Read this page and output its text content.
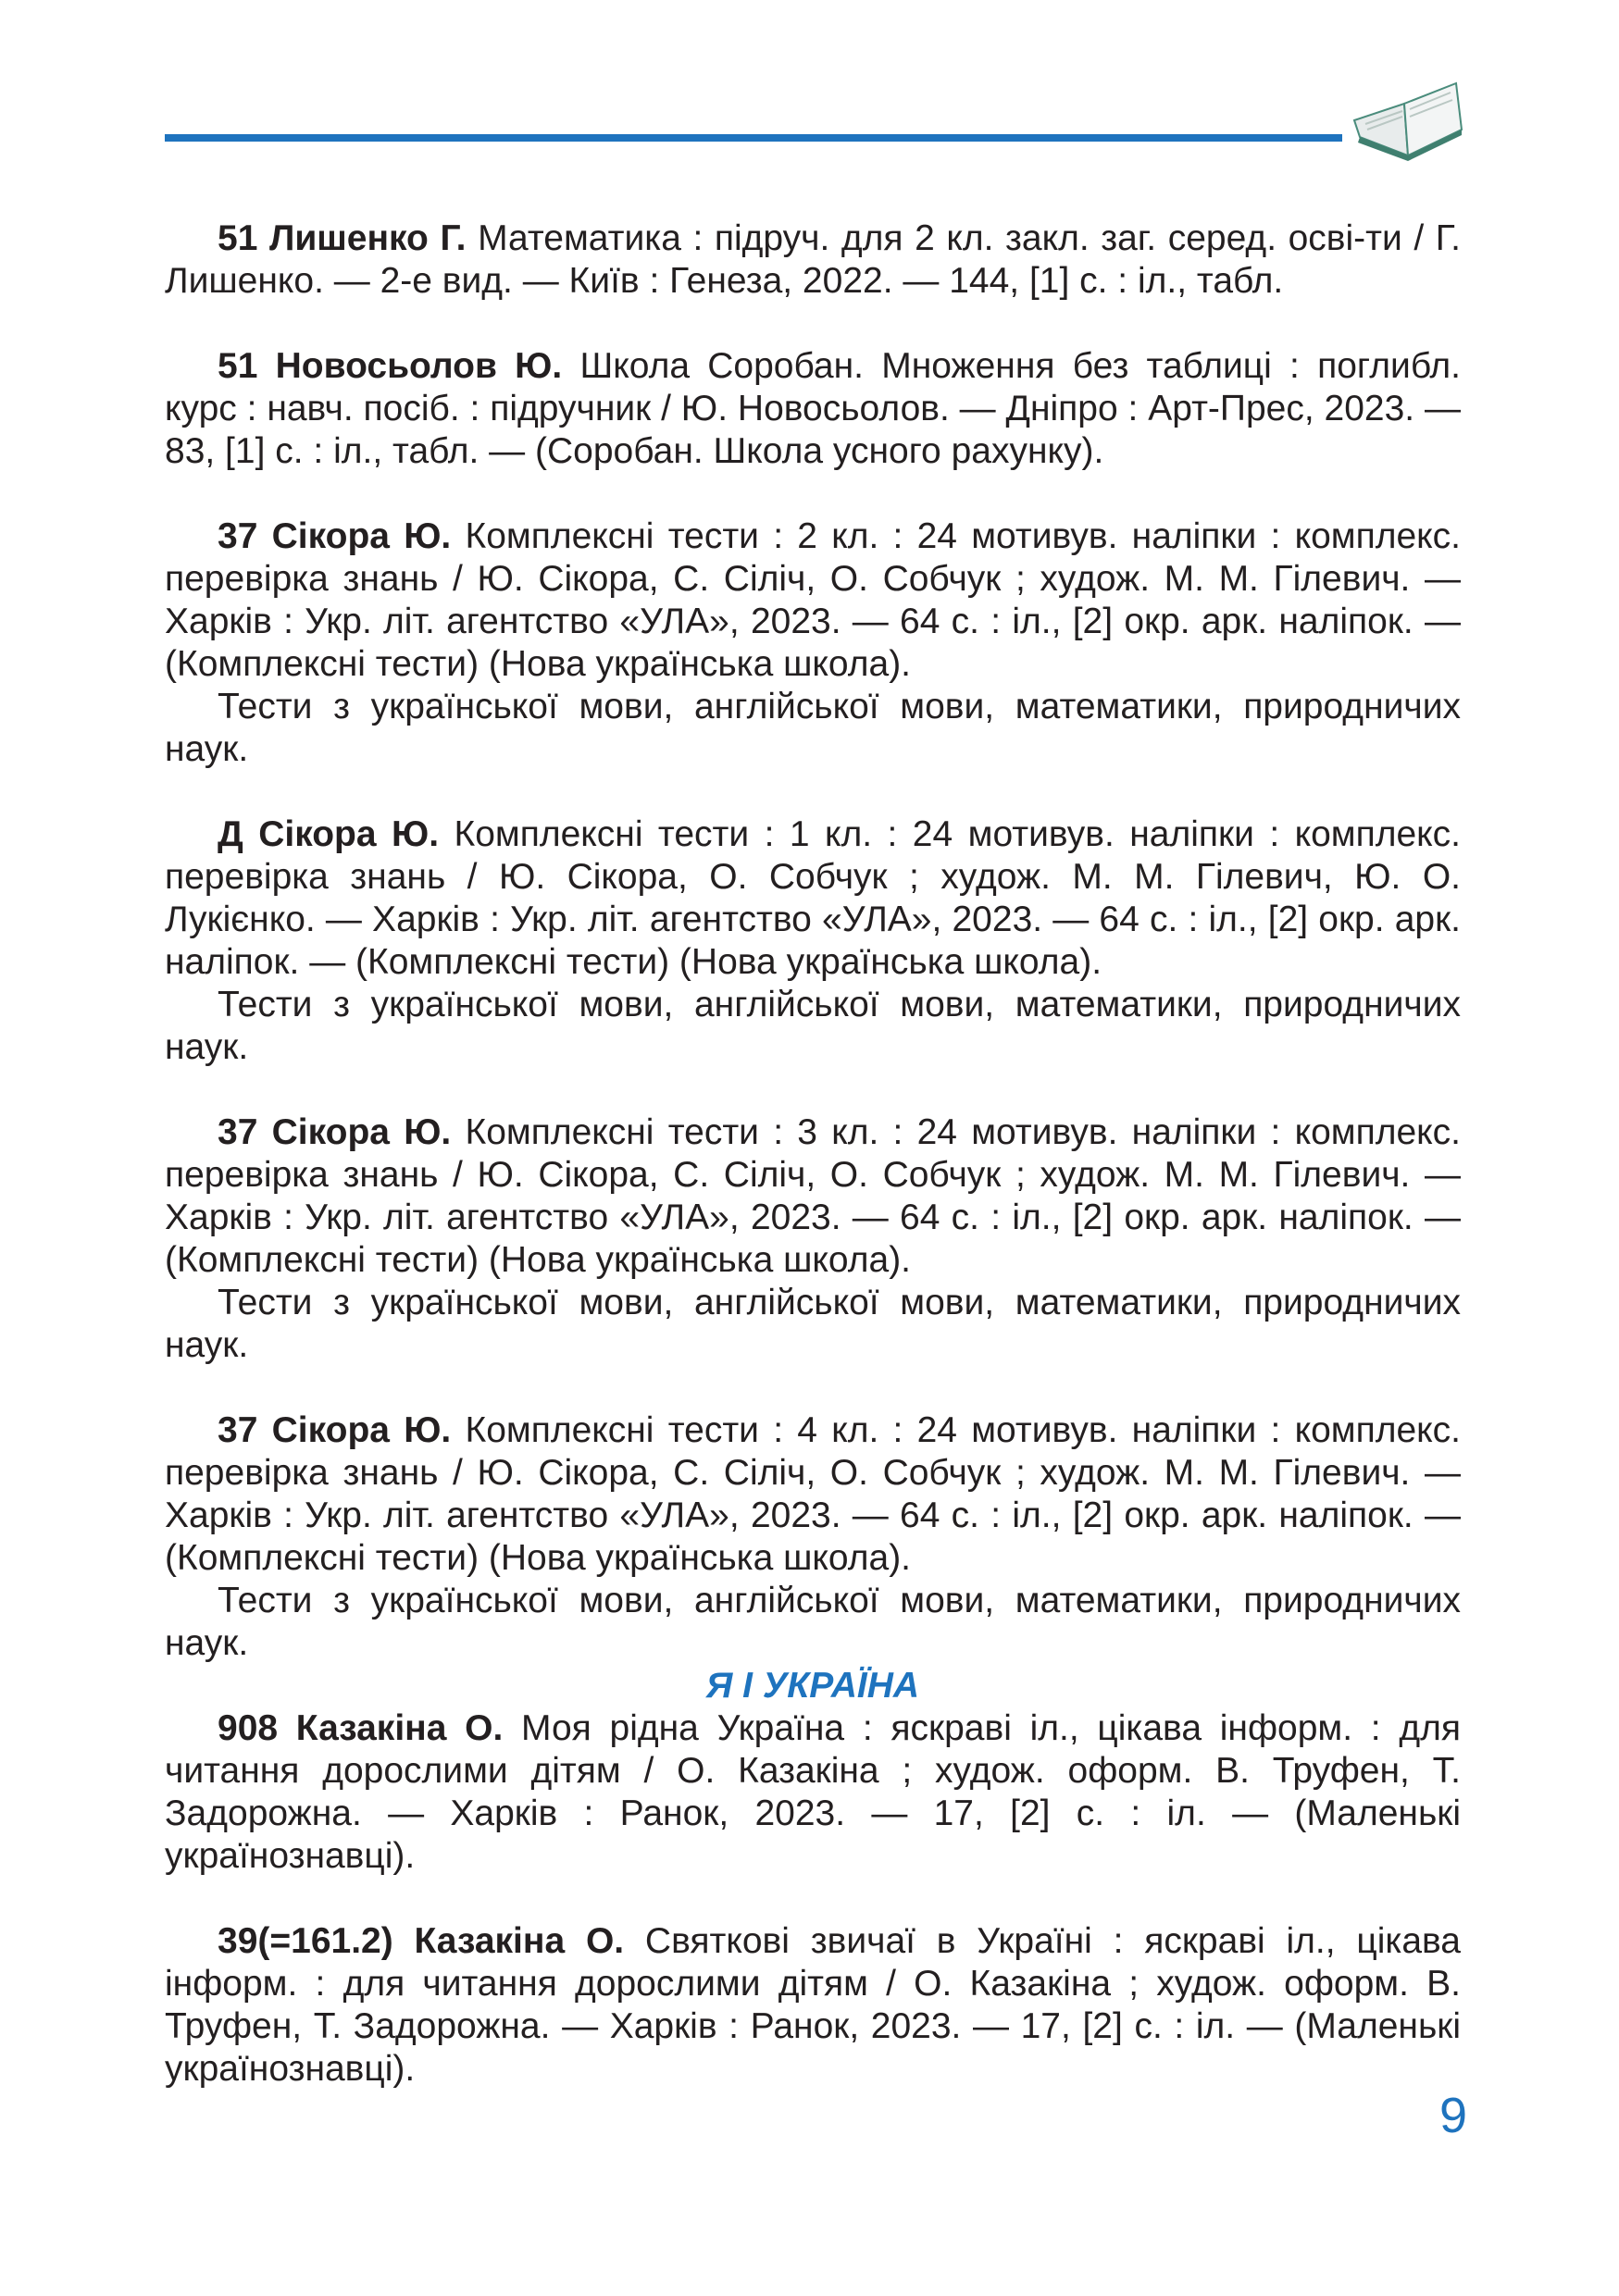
51 Лишенко Г. Математика : підруч. для 2 кл. закл. заг. серед. осві-ти / Г. Лишенко. — 2-е вид. — Київ : Генеза, 2022. — 144, [1] с. : іл., табл.

51 Новосьолов Ю. Школа Соробан. Множення без таблиці : поглибл. курс : навч. посіб. : підручник / Ю. Новосьолов. — Дніпро : Арт-Прес, 2023. — 83, [1] с. : іл., табл. — (Соробан. Школа усного рахунку).

37 Сікора Ю. Комплексні тести : 2 кл. : 24 мотивув. наліпки : комплекс. перевірка знань / Ю. Сікора, С. Сіліч, О. Собчук ; худож. М. М. Гілевич. — Харків : Укр. літ. агентство «УЛА», 2023. — 64 с. : іл., [2] окр. арк. наліпок. — (Комплексні тести) (Нова українська школа).

Тести з української мови, англійської мови, математики, природничих наук.

Д Сікора Ю. Комплексні тести : 1 кл. : 24 мотивув. наліпки : комплекс. перевірка знань / Ю. Сікора, О. Собчук ; худож. М. М. Гілевич, Ю. О. Лукієнко. — Харків : Укр. літ. агентство «УЛА», 2023. — 64 с. : іл., [2] окр. арк. наліпок. — (Комплексні тести) (Нова українська школа).

Тести з української мови, англійської мови, математики, природничих наук.

37 Сікора Ю. Комплексні тести : 3 кл. : 24 мотивув. наліпки : комплекс. перевірка знань / Ю. Сікора, С. Сіліч, О. Собчук ; худож. М. М. Гілевич. — Харків : Укр. літ. агентство «УЛА», 2023. — 64 с. : іл., [2] окр. арк. наліпок. — (Комплексні тести) (Нова українська школа).

Тести з української мови, англійської мови, математики, природничих наук.

37 Сікора Ю. Комплексні тести : 4 кл. : 24 мотивув. наліпки : комплекс. перевірка знань / Ю. Сікора, С. Сіліч, О. Собчук ; худож. М. М. Гілевич. — Харків : Укр. літ. агентство «УЛА», 2023. — 64 с. : іл., [2] окр. арк. наліпок. — (Комплексні тести) (Нова українська школа).

Тести з української мови, англійської мови, математики, природничих наук.

Я І УКРАЇНА

908 Казакіна О. Моя рідна Україна : яскраві іл., цікава інформ. : для читання дорослими дітям / О. Казакіна ; худож. оформ. В. Труфен, Т. Задорожна. — Харків : Ранок, 2023. — 17, [2] с. : іл. — (Маленькі українознавці).

39(=161.2) Казакіна О. Святкові звичаї в Україні : яскраві іл., цікава інформ. : для читання дорослими дітям / О. Казакіна ; худож. оформ. В. Труфен, Т. Задорожна. — Харків : Ранок, 2023. — 17, [2] с. : іл. — (Маленькі українознавці).

9
